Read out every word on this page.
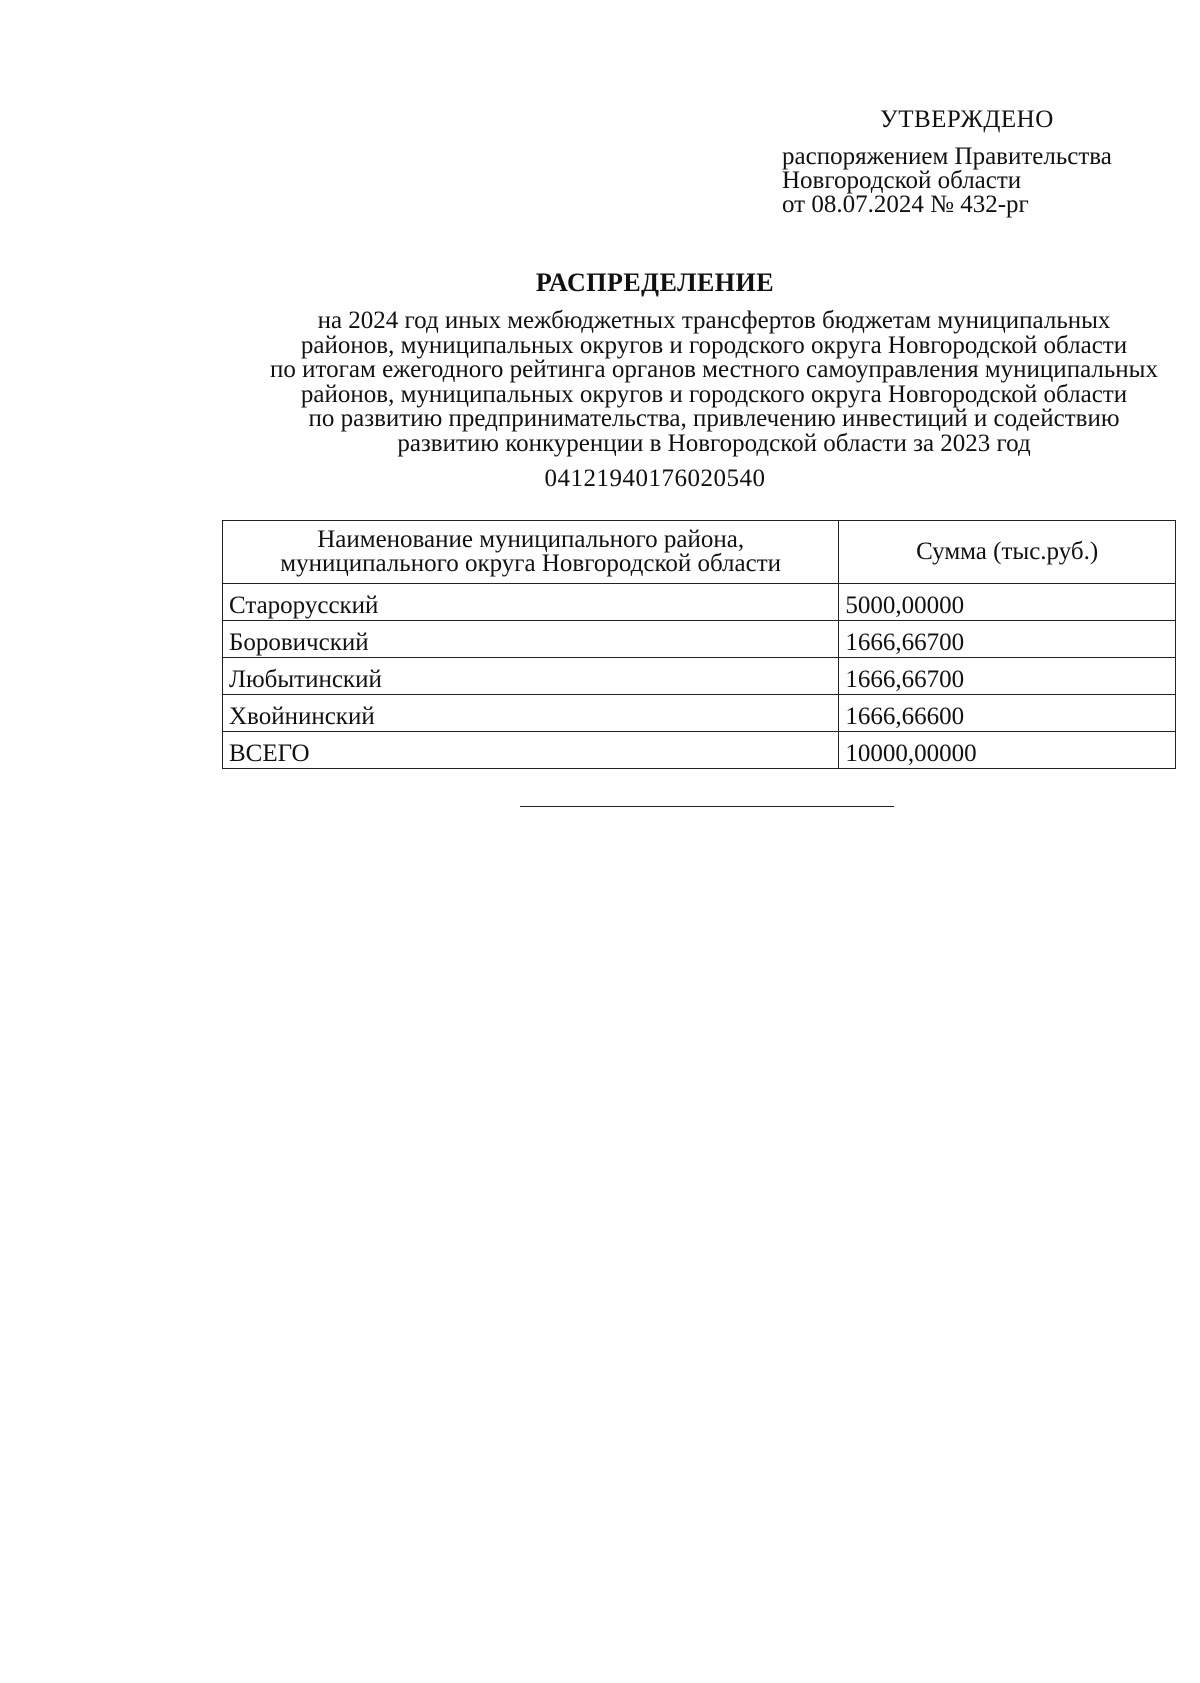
УТВЕРЖДЕНО
распоряжением Правительства
Новгородской области
от 08.07.2024 № 432-рг
РАСПРЕДЕЛЕНИЕ
на 2024 год иных межбюджетных трансфертов бюджетам муниципальных
районов, муниципальных округов и городского округа Новгородской области
по итогам ежегодного рейтинга органов местного самоуправления муниципальных
районов, муниципальных округов и городского округа Новгородской области
по развитию предпринимательства, привлечению инвестиций и содействию
развитию конкуренции в Новгородской области за 2023 год
04121940176020540
Наименование муниципального района,
муниципального округа Новгородской области	Сумма (тыс.руб.)
Старорусский	5000,00000
Боровичский	1666,66700
Любытинский	1666,66700
Хвойнинский	1666,66600
ВСЕГО	10000,00000
